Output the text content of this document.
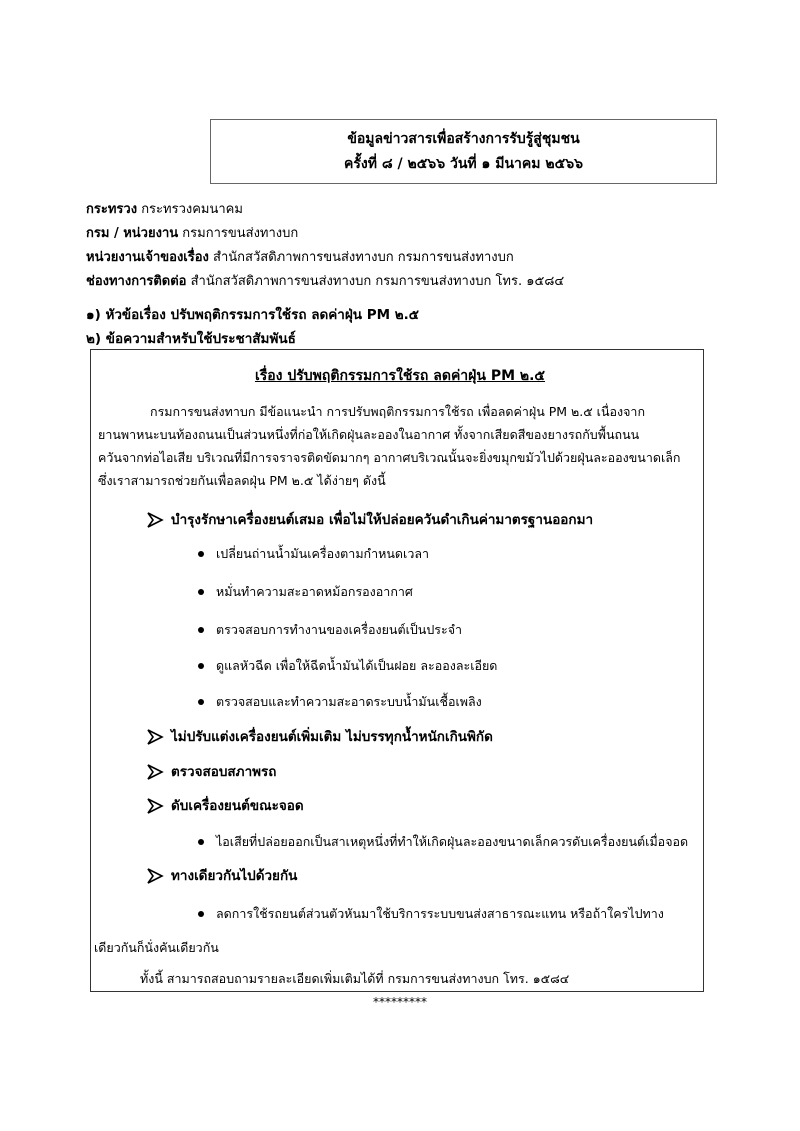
ข้อมูลข่าวสารเพื่อสร้างการรับรู้สู่ชุมชน
ครั้งที่ ๘ / ๒๕๖๖ วันที่ ๑ มีนาคม ๒๕๖๖
กระทรวง กระทรวงคมนาคม
กรม / หน่วยงาน กรมการขนส่งทางบก
หน่วยงานเจ้าของเรื่อง สำนักสวัสดิภาพการขนส่งทางบก กรมการขนส่งทางบก
ช่องทางการติดต่อ สำนักสวัสดิภาพการขนส่งทางบก กรมการขนส่งทางบก โทร. ๑๕๘๔
๑) หัวข้อเรื่อง ปรับพฤติกรรมการใช้รถ ลดค่าฝุ่น PM ๒.๕
๒) ข้อความสำหรับใช้ประชาสัมพันธ์
เรื่อง ปรับพฤติกรรมการใช้รถ ลดค่าฝุ่น PM ๒.๕
กรมการขนส่งทาบก มีข้อแนะนำ การปรับพฤติกรรมการใช้รถ เพื่อลดค่าฝุ่น PM ๒.๕ เนื่องจาก
ยานพาหนะบนท้องถนนเป็นส่วนหนึ่งที่ก่อให้เกิดฝุ่นละอองในอากาศ ทั้งจากเสียดสีของยางรถกับพื้นถนน
ควันจากท่อไอเสีย บริเวณที่มีการจราจรติดขัดมากๆ อากาศบริเวณนั้นจะยิ่งขมุกขมัวไปด้วยฝุ่นละอองขนาดเล็ก
ซึ่งเราสามารถช่วยกันเพื่อลดฝุ่น PM ๒.๕ ได้ง่ายๆ ดังนี้
บำรุงรักษาเครื่องยนต์เสมอ เพื่อไม่ให้ปล่อยควันดำเกินค่ามาตรฐานออกมา
เปลี่ยนถ่านน้ำมันเครื่องตามกำหนดเวลา
หมั่นทำความสะอาดหม้อกรองอากาศ
ตรวจสอบการทำงานของเครื่องยนต์เป็นประจำ
ดูแลหัวฉีด เพื่อให้ฉีดน้ำมันได้เป็นฝอย ละอองละเอียด
ตรวจสอบและทำความสะอาดระบบน้ำมันเชื้อเพลิง
ไม่ปรับแต่งเครื่องยนต์เพิ่มเติม ไม่บรรทุกน้ำหนักเกินพิกัด
ตรวจสอบสภาพรถ
ดับเครื่องยนต์ขณะจอด
ไอเสียที่ปล่อยออกเป็นสาเหตุหนึ่งที่ทำให้เกิดฝุ่นละอองขนาดเล็กควรดับเครื่องยนต์เมื่อจอด
ทางเดียวกันไปด้วยกัน
ลดการใช้รถยนต์ส่วนตัวหันมาใช้บริการระบบขนส่งสาธารณะแทน หรือถ้าใครไปทาง
เดียวกันก็นั่งคันเดียวกัน
ทั้งนี้ สามารถสอบถามรายละเอียดเพิ่มเติมได้ที่ กรมการขนส่งทางบก โทร. ๑๕๘๔
*********
